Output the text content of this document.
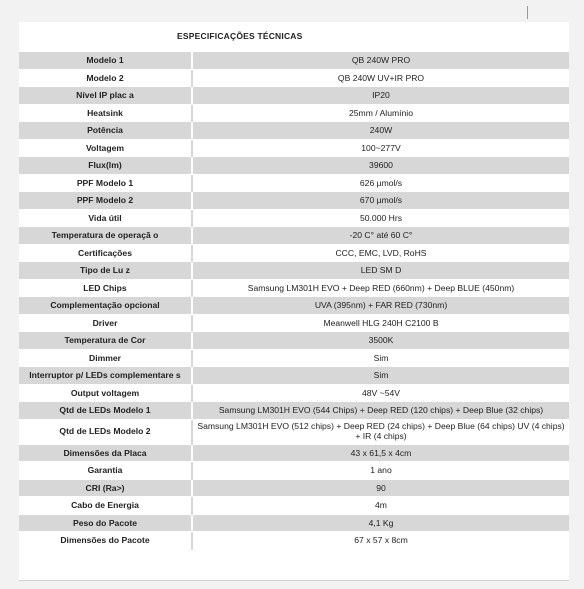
ESPECIFICAÇÕES TÉCNICAS
Modelo 1	QB 240W PRO
Modelo 2	QB 240W UV+IR PRO
Nível IP plac a	IP20
Heatsink	25mm / Alumínio
Potência	240W
Voltagem	100~277V
Flux(lm)	39600
PPF Modelo 1	626 µmol/s
PPF Modelo 2	670 µmol/s
Vida útil	50.000 Hrs
Temperatura de operaçã o	-20 C° até 60 C°
Certificações	CCC, EMC, LVD, RoHS
Tipo de Lu z	LED SM D
LED Chips	Samsung LM301H EVO + Deep RED (660nm) + Deep BLUE (450nm)
Complementação opcional	UVA (395nm) + FAR RED (730nm)
Driver	Meanwell HLG 240H C2100 B
Temperatura de Cor	3500K
Dimmer	Sim
Interruptor p/ LEDs complementare s	Sim
Output voltagem	48V ~54V
Qtd de LEDs Modelo 1	Samsung LM301H EVO (544 Chips) + Deep RED (120 chips) + Deep Blue (32 chips)
Qtd de LEDs Modelo 2	Samsung LM301H EVO (512 chips) + Deep RED (24 chips) + Deep Blue (64 chips) UV (4 chips) + IR (4 chips)
Dimensões da Placa	43 x 61,5 x 4cm
Garantia	1 ano
CRI (Ra>)	90
Cabo de Energia	4m
Peso do Pacote	4,1 Kg
Dimensões do Pacote	67 x 57 x 8cm
